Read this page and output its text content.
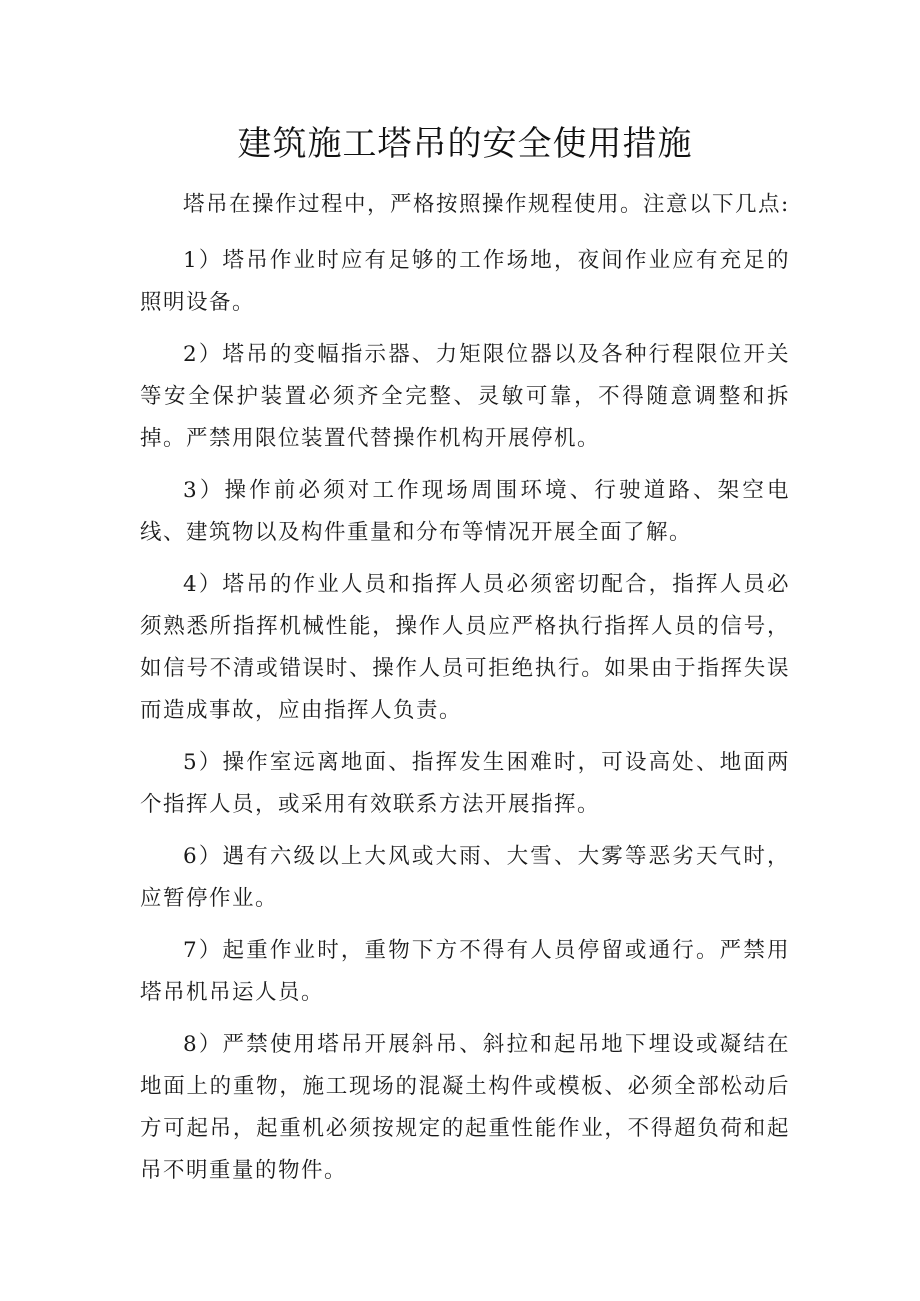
建筑施工塔吊的安全使用措施

塔吊在操作过程中，严格按照操作规程使用。注意以下几点:

1）塔吊作业时应有足够的工作场地，夜间作业应有充足的照明设备。

2）塔吊的变幅指示器、力矩限位器以及各种行程限位开关等安全保护装置必须齐全完整、灵敏可靠，不得随意调整和拆掉。严禁用限位装置代替操作机构开展停机。

3）操作前必须对工作现场周围环境、行驶道路、架空电线、建筑物以及构件重量和分布等情况开展全面了解。

4）塔吊的作业人员和指挥人员必须密切配合，指挥人员必须熟悉所指挥机械性能，操作人员应严格执行指挥人员的信号，如信号不清或错误时、操作人员可拒绝执行。如果由于指挥失误而造成事故，应由指挥人负责。

5）操作室远离地面、指挥发生困难时，可设高处、地面两个指挥人员，或采用有效联系方法开展指挥。

6）遇有六级以上大风或大雨、大雪、大雾等恶劣天气时，应暂停作业。

7）起重作业时，重物下方不得有人员停留或通行。严禁用塔吊机吊运人员。

8）严禁使用塔吊开展斜吊、斜拉和起吊地下埋设或凝结在地面上的重物，施工现场的混凝土构件或模板、必须全部松动后方可起吊，起重机必须按规定的起重性能作业，不得超负荷和起吊不明重量的物件。
